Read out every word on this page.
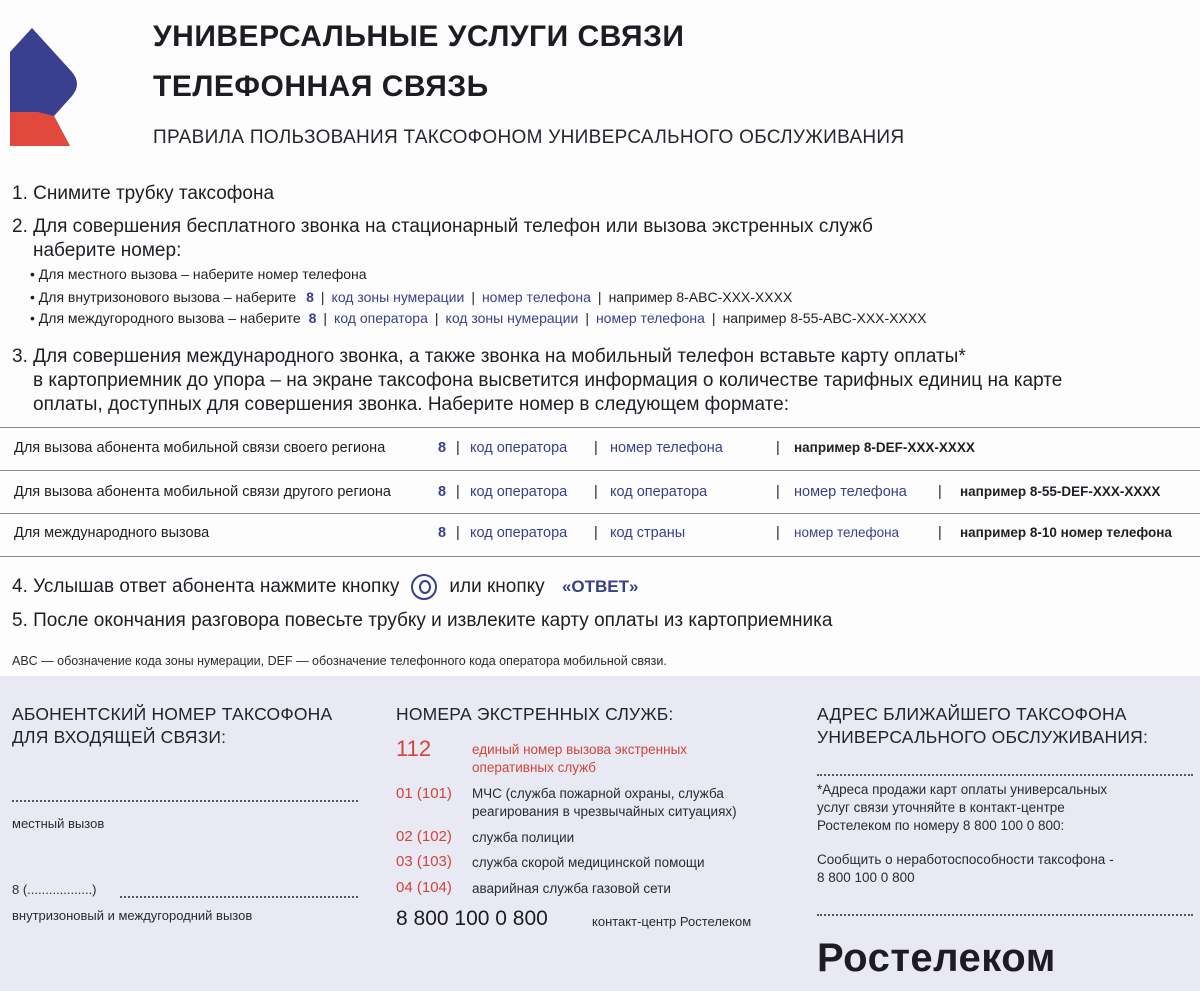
УНИВЕРСАЛЬНЫЕ УСЛУГИ СВЯЗИ
ТЕЛЕФОННАЯ СВЯЗЬ
ПРАВИЛА ПОЛЬЗОВАНИЯ ТАКСОФОНОМ УНИВЕРСАЛЬНОГО ОБСЛУЖИВАНИЯ
1. Снимите трубку таксофона
2. Для совершения бесплатного звонка на стационарный телефон или вызова экстренных служб
наберите номер:
• Для местного вызова – наберите номер телефона
• Для внутризонового вызова – наберите 8 | код зоны нумерации | номер телефона | например 8-ABC-XXX-XXXX
• Для междугородного вызова – наберите 8 | код оператора | код зоны нумерации | номер телефона | например 8-55-ABC-XXX-XXXX
3. Для совершения международного звонка, а также звонка на мобильный телефон вставьте карту оплаты*
в картоприемник до упора – на экране таксофона высветится информация о количестве тарифных единиц на карте
оплаты, доступных для совершения звонка. Наберите номер в следующем формате:
Для вызова абонента мобильной связи своего региона	8 | код оператора | номер телефона	| например 8-DEF-XXX-XXXX
Для вызова абонента мобильной связи другого региона	8 | код оператора | код оператора	| номер телефона | например 8-55-DEF-XXX-XXXX
Для международного вызова	8 | код оператора | код страны	| номер телефона	| например 8-10 номер телефона
4. Услышав ответ абонента нажмите кнопку	или кнопку «ОТВЕТ»
5. После окончания разговора повесьте трубку и извлеките карту оплаты из картоприемника
ABC — обозначение кода зоны нумерации, DEF — обозначение телефонного кода оператора мобильной связи.
АБОНЕНТСКИЙ НОМЕР ТАКСОФОНА
ДЛЯ ВХОДЯЩЕЙ СВЯЗИ:
местный вызов
8 (..................)
внутризоновый и междугородний вызов
НОМЕРА ЭКСТРЕННЫХ СЛУЖБ:
112	единый номер вызова экстренных
оперативных служб
01 (101) МЧС (служба пожарной охраны, служба
реагирования в чрезвычайных ситуациях)
02 (102) служба полиции
03 (103) служба скорой медицинской помощи
04 (104) аварийная служба газовой сети
8 800 100 0 800	контакт-центр Ростелеком
АДРЕС БЛИЖАЙШЕГО ТАКСОФОНА
УНИВЕРСАЛЬНОГО ОБСЛУЖИВАНИЯ:
*Адреса продажи карт оплаты универсальных
услуг связи уточняйте в контакт-центре
Ростелеком по номеру 8 800 100 0 800:
Сообщить о неработоспособности таксофона -
8 800 100 0 800
Ростелеком
